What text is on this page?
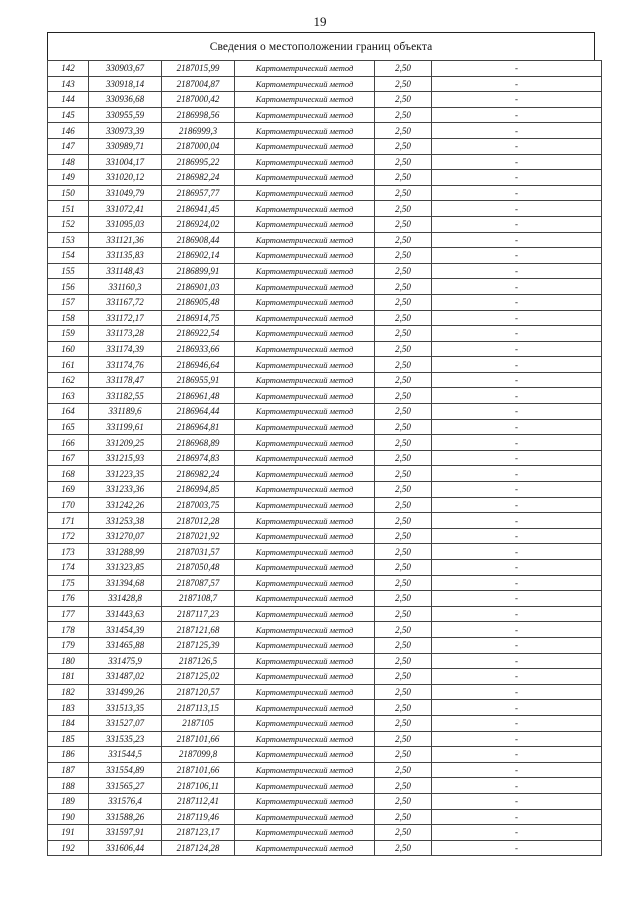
19
Сведения о местоположении границ объекта
142	330903,67	2187015,99	Картометрический метод	2,50	-
143	330918,14	2187004,87	Картометрический метод	2,50	-
144	330936,68	2187000,42	Картометрический метод	2,50	-
145	330955,59	2186998,56	Картометрический метод	2,50	-
146	330973,39	2186999,3	Картометрический метод	2,50	-
147	330989,71	2187000,04	Картометрический метод	2,50	-
148	331004,17	2186995,22	Картометрический метод	2,50	-
149	331020,12	2186982,24	Картометрический метод	2,50	-
150	331049,79	2186957,77	Картометрический метод	2,50	-
151	331072,41	2186941,45	Картометрический метод	2,50	-
152	331095,03	2186924,02	Картометрический метод	2,50	-
153	331121,36	2186908,44	Картометрический метод	2,50	-
154	331135,83	2186902,14	Картометрический метод	2,50	-
155	331148,43	2186899,91	Картометрический метод	2,50	-
156	331160,3	2186901,03	Картометрический метод	2,50	-
157	331167,72	2186905,48	Картометрический метод	2,50	-
158	331172,17	2186914,75	Картометрический метод	2,50	-
159	331173,28	2186922,54	Картометрический метод	2,50	-
160	331174,39	2186933,66	Картометрический метод	2,50	-
161	331174,76	2186946,64	Картометрический метод	2,50	-
162	331178,47	2186955,91	Картометрический метод	2,50	-
163	331182,55	2186961,48	Картометрический метод	2,50	-
164	331189,6	2186964,44	Картометрический метод	2,50	-
165	331199,61	2186964,81	Картометрический метод	2,50	-
166	331209,25	2186968,89	Картометрический метод	2,50	-
167	331215,93	2186974,83	Картометрический метод	2,50	-
168	331223,35	2186982,24	Картометрический метод	2,50	-
169	331233,36	2186994,85	Картометрический метод	2,50	-
170	331242,26	2187003,75	Картометрический метод	2,50	-
171	331253,38	2187012,28	Картометрический метод	2,50	-
172	331270,07	2187021,92	Картометрический метод	2,50	-
173	331288,99	2187031,57	Картометрический метод	2,50	-
174	331323,85	2187050,48	Картометрический метод	2,50	-
175	331394,68	2187087,57	Картометрический метод	2,50	-
176	331428,8	2187108,7	Картометрический метод	2,50	-
177	331443,63	2187117,23	Картометрический метод	2,50	-
178	331454,39	2187121,68	Картометрический метод	2,50	-
179	331465,88	2187125,39	Картометрический метод	2,50	-
180	331475,9	2187126,5	Картометрический метод	2,50	-
181	331487,02	2187125,02	Картометрический метод	2,50	-
182	331499,26	2187120,57	Картометрический метод	2,50	-
183	331513,35	2187113,15	Картометрический метод	2,50	-
184	331527,07	2187105	Картометрический метод	2,50	-
185	331535,23	2187101,66	Картометрический метод	2,50	-
186	331544,5	2187099,8	Картометрический метод	2,50	-
187	331554,89	2187101,66	Картометрический метод	2,50	-
188	331565,27	2187106,11	Картометрический метод	2,50	-
189	331576,4	2187112,41	Картометрический метод	2,50	-
190	331588,26	2187119,46	Картометрический метод	2,50	-
191	331597,91	2187123,17	Картометрический метод	2,50	-
192	331606,44	2187124,28	Картометрический метод	2,50	-
